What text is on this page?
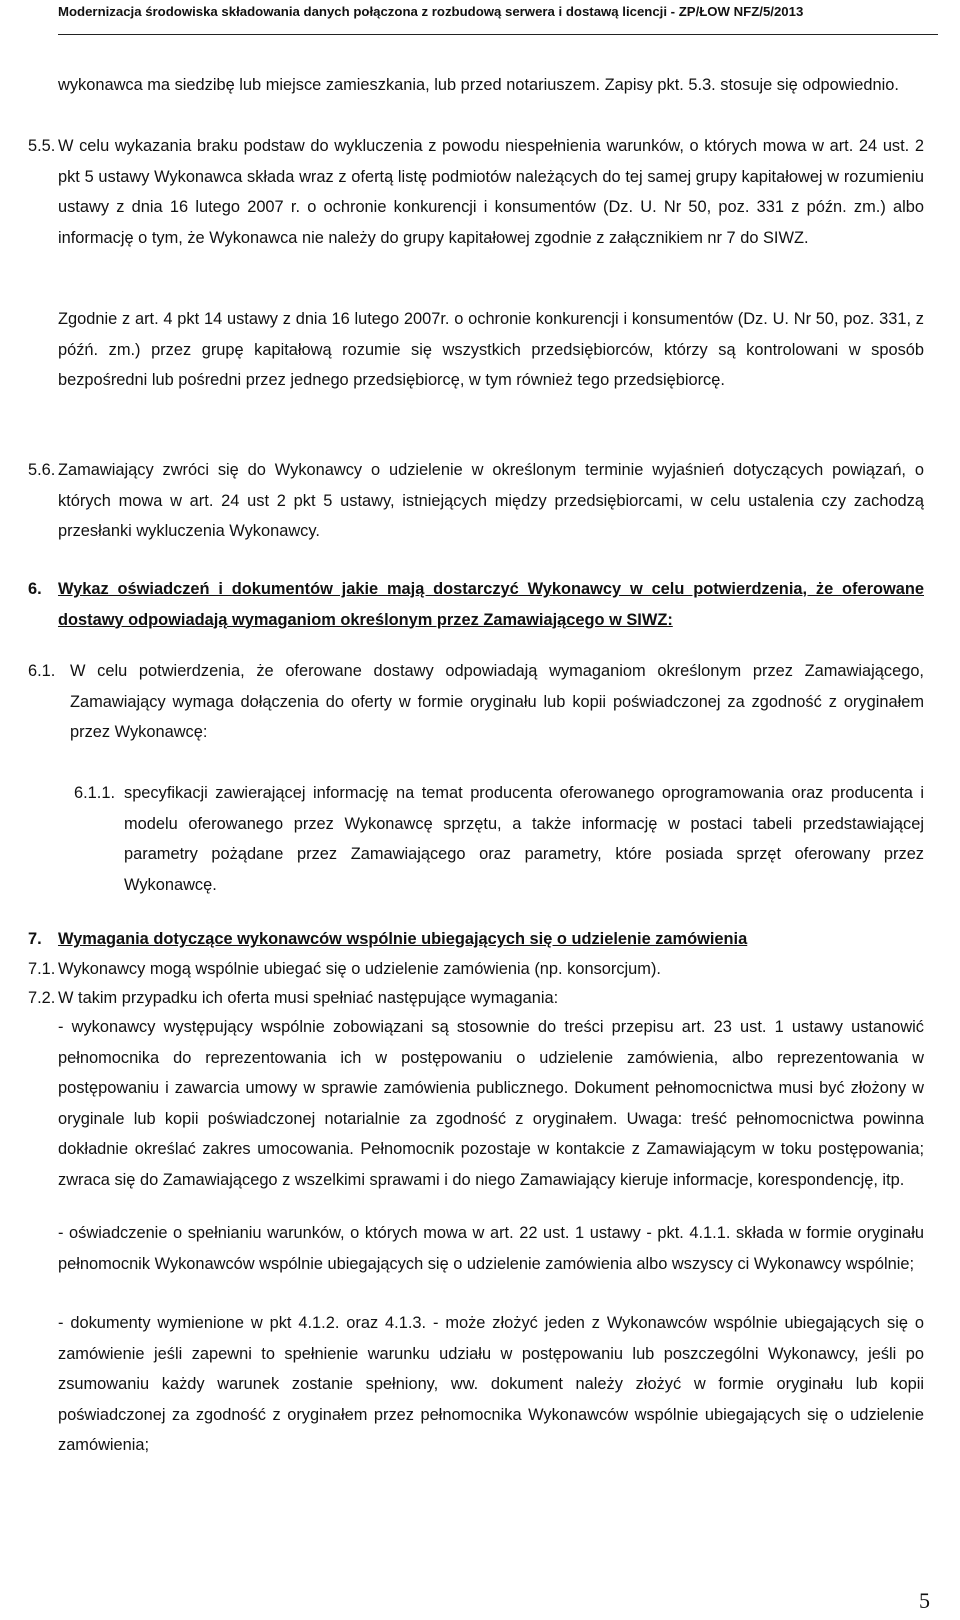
Modernizacja środowiska składowania danych połączona z rozbudową serwera i dostawą licencji - ZP/ŁOW NFZ/5/2013

wykonawca ma siedzibę lub miejsce zamieszkania, lub przed notariuszem. Zapisy pkt. 5.3. stosuje się odpowiednio.

5.5. W celu wykazania braku podstaw do wykluczenia z powodu niespełnienia warunków, o których mowa w art. 24 ust. 2 pkt 5 ustawy Wykonawca składa wraz z ofertą listę podmiotów należących do tej samej grupy kapitałowej w rozumieniu ustawy z dnia 16 lutego 2007 r. o ochronie konkurencji i konsumentów (Dz. U. Nr 50, poz. 331 z późn. zm.) albo informację o tym, że Wykonawca nie należy do grupy kapitałowej zgodnie z załącznikiem nr 7 do SIWZ.

Zgodnie z art. 4 pkt 14 ustawy z dnia 16 lutego 2007r. o ochronie konkurencji i konsumentów (Dz. U. Nr 50, poz. 331, z późń. zm.) przez grupę kapitałową rozumie się wszystkich przedsiębiorców, którzy są kontrolowani w sposób bezpośredni lub pośredni przez jednego przedsiębiorcę, w tym również tego przedsiębiorcę.

5.6. Zamawiający zwróci się do Wykonawcy o udzielenie w określonym terminie wyjaśnień dotyczących powiązań, o których mowa w art. 24 ust 2 pkt 5 ustawy, istniejących między przedsiębiorcami, w celu ustalenia czy zachodzą przesłanki wykluczenia Wykonawcy.

6. Wykaz oświadczeń i dokumentów jakie mają dostarczyć Wykonawcy w celu potwierdzenia, że oferowane dostawy odpowiadają wymaganiom określonym przez Zamawiającego w SIWZ:

6.1. W celu potwierdzenia, że oferowane dostawy odpowiadają wymaganiom określonym przez Zamawiającego, Zamawiający wymaga dołączenia do oferty w formie oryginału lub kopii poświadczonej za zgodność z oryginałem przez Wykonawcę:

6.1.1. specyfikacji zawierającej informację na temat producenta oferowanego oprogramowania oraz producenta i modelu oferowanego przez Wykonawcę sprzętu, a także informację w postaci tabeli przedstawiającej parametry pożądane przez Zamawiającego oraz parametry, które posiada sprzęt oferowany przez Wykonawcę.

7. Wymagania dotyczące wykonawców wspólnie ubiegających się o udzielenie zamówienia

7.1. Wykonawcy mogą wspólnie ubiegać się o udzielenie zamówienia (np. konsorcjum).

7.2. W takim przypadku ich oferta musi spełniać następujące wymagania:

- wykonawcy występujący wspólnie zobowiązani są stosownie do treści przepisu art. 23 ust. 1 ustawy ustanowić pełnomocnika do reprezentowania ich w postępowaniu o udzielenie zamówienia, albo reprezentowania w postępowaniu i zawarcia umowy w sprawie zamówienia publicznego. Dokument pełnomocnictwa musi być złożony w oryginale lub kopii poświadczonej notarialnie za zgodność z oryginałem. Uwaga: treść pełnomocnictwa powinna dokładnie określać zakres umocowania. Pełnomocnik pozostaje w kontakcie z Zamawiającym w toku postępowania; zwraca się do Zamawiającego z wszelkimi sprawami i do niego Zamawiający kieruje informacje, korespondencję, itp.

- oświadczenie o spełnianiu warunków, o których mowa w art. 22 ust. 1 ustawy - pkt. 4.1.1. składa w formie oryginału pełnomocnik Wykonawców wspólnie ubiegających się o udzielenie zamówienia albo wszyscy ci Wykonawcy wspólnie;

- dokumenty wymienione w pkt 4.1.2. oraz 4.1.3. - może złożyć jeden z Wykonawców wspólnie ubiegających się o zamówienie jeśli zapewni to spełnienie warunku udziału w postępowaniu lub poszczególni Wykonawcy, jeśli po zsumowaniu każdy warunek zostanie spełniony, ww. dokument należy złożyć w formie oryginału lub kopii poświadczonej za zgodność z oryginałem przez pełnomocnika Wykonawców wspólnie ubiegających się o udzielenie zamówienia;

5
